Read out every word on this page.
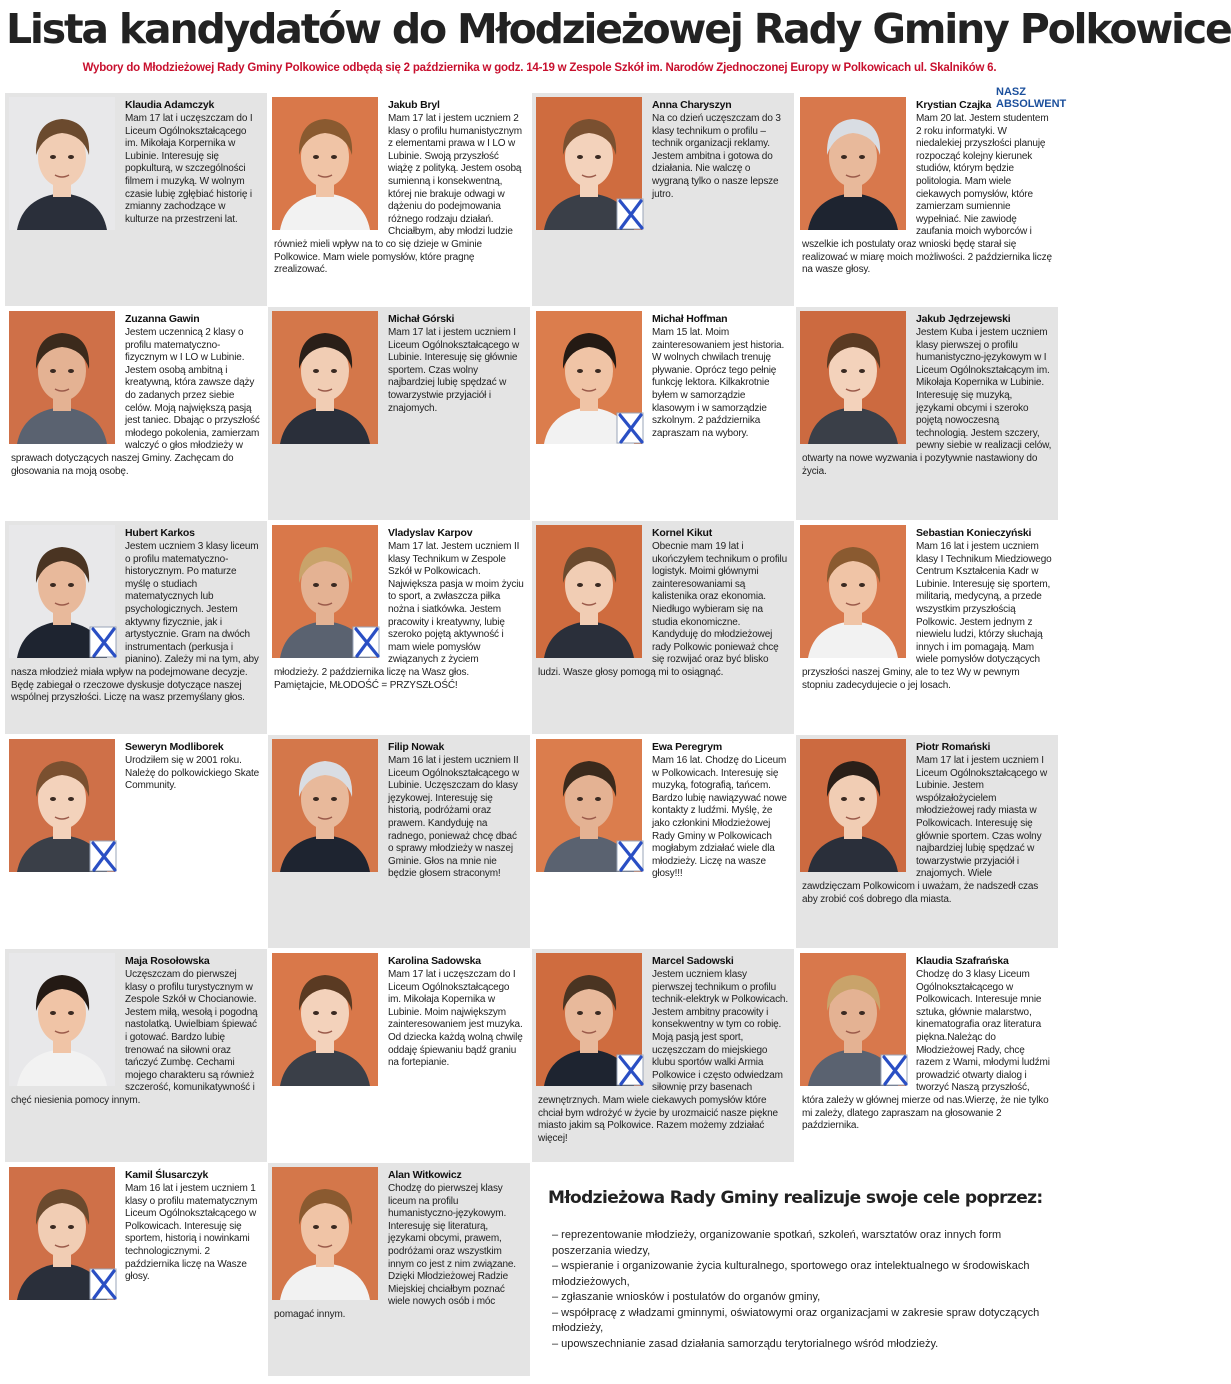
Lista kandydatów do Młodzieżowej Rady Gminy Polkowice
Wybory do Młodzieżowej Rady Gminy Polkowice odbędą się 2 października w godz. 14-19 w Zespole Szkół im. Narodów Zjednoczonej Europy w Polkowicach ul. Skalników 6.
Klaudia Adamczyk
Mam 17 lat i uczęszczam do I Liceum Ogólnokształcącego im. Mikołaja Korpernika w Lubinie. Interesuję się popkulturą, w szczególności filmem i muzyką. W wolnym czasie lubię zgłębiać historię i zmianny zachodzące w kulturze na przestrzeni lat.
Jakub Bryl
Mam 17 lat i jestem uczniem 2 klasy o profilu humanistycznym z elementami prawa w I LO w Lubinie. Swoją przyszłość wiążę z polityką. Jestem osobą sumienną i konsekwentną, której nie brakuje odwagi w dążeniu do podejmowania różnego rodzaju działań. Chciałbym, aby młodzi ludzie również mieli wpływ na to co się dzieje w Gminie Polkowice. Mam wiele pomysłów, które pragnę zrealizować.
Anna Charyszyn
Na co dzień uczęszczam do 3 klasy technikum o profilu – technik organizacji reklamy. Jestem ambitna i gotowa do działania. Nie walczę o wygraną tylko o nasze lepsze jutro.
Krystian Czajka
Mam 20 lat. Jestem studentem 2 roku informatyki. W niedalekiej przyszłości planuję rozpocząć kolejny kierunek studiów, którym będzie politologia. Mam wiele ciekawych pomysłów, które zamierzam sumiennie wypełniać. Nie zawiodę zaufania moich wyborców i wszelkie ich postulaty oraz wnioski będę starał się realizować w miarę moich możliwości. 2 października liczę na wasze głosy.
Zuzanna Gawin
Jestem uczennicą 2 klasy o profilu matematyczno-fizycznym w I LO w Lubinie. Jestem osobą ambitną i kreatywną, która zawsze dąży do zadanych przez siebie celów. Moją największą pasją jest taniec. Dbając o przyszłość młodego pokolenia, zamierzam walczyć o głos młodzieży w sprawach dotyczących naszej Gminy. Zachęcam do głosowania na moją osobę.
Michał Górski
Mam 17 lat i jestem uczniem I Liceum Ogólnokształcącego w Lubinie. Interesuję się głównie sportem. Czas wolny najbardziej lubię spędzać w towarzystwie przyjaciół i znajomych.
Michał Hoffman
Mam 15 lat. Moim zainteresowaniem jest historia. W wolnych chwilach trenuję pływanie. Oprócz tego pełnię funkcję lektora. Kilkakrotnie byłem w samorządzie klasowym i w samorządzie szkolnym. 2 października zapraszam na wybory.
Jakub Jędrzejewski
Jestem Kuba i jestem uczniem klasy pierwszej o profilu humanistyczno-językowym w I Liceum Ogólnokształcącym im. Mikołaja Kopernika w Lubinie. Interesuję się muzyką, językami obcymi i szeroko pojętą nowoczesną technologią. Jestem szczery, pewny siebie w realizacji celów, otwarty na nowe wyzwania i pozytywnie nastawiony do życia.
Hubert Karkos
Jestem uczniem 3 klasy liceum o profilu matematyczno-historycznym. Po maturze myślę o studiach matematycznych lub psychologicznych. Jestem aktywny fizycznie, jak i artystycznie. Gram na dwóch instrumentach (perkusja i pianino). Zależy mi na tym, aby nasza młodzież miała wpływ na podejmowane decyzje. Będę zabiegał o rzeczowe dyskusje dotyczące naszej wspólnej przyszłości. Liczę na wasz przemyślany głos.
Vladyslav Karpov
Mam 17 lat. Jestem uczniem II klasy Technikum w Zespole Szkół w Polkowicach. Największa pasja w moim życiu to sport, a zwłaszcza piłka nożna i siatkówka. Jestem pracowity i kreatywny, lubię szeroko pojętą aktywność i mam wiele pomysłów związanych z życiem młodzieży. 2 października liczę na Wasz głos. Pamiętajcie, MŁODOŚĆ = PRZYSZŁOŚĆ!
Kornel Kikut
Obecnie mam 19 lat i ukończyłem technikum o profilu logistyk. Moimi głównymi zainteresowaniami są kalistenika oraz ekonomia. Niedługo wybieram się na studia ekonomiczne. Kandyduję do młodzieżowej rady Polkowic ponieważ chcę się rozwijać oraz być blisko ludzi. Wasze głosy pomogą mi to osiągnąć.
Sebastian Konieczyński
Mam 16 lat i jestem uczniem klasy I Technikum Miedziowego Centrum Kształcenia Kadr w Lubinie. Interesuję się sportem, militarią, medycyną, a przede wszystkim przyszłością Polkowic. Jestem jednym z niewielu ludzi, którzy słuchają innych i im pomagają. Mam wiele pomysłów dotyczących przyszłości naszej Gminy, ale to tez Wy w pewnym stopniu zadecydujecie o jej losach.
Seweryn Modliborek
Urodziłem się w 2001 roku. Należę do polkowickiego Skate Community.
Filip Nowak
Mam 16 lat i jestem uczniem II Liceum Ogólnokształcącego w Lubinie. Uczęszczam do klasy językowej. Interesuję się historią, podróżami oraz prawem. Kandyduję na radnego, ponieważ chcę dbać o sprawy młodzieży w naszej Gminie. Głos na mnie nie będzie głosem straconym!
Ewa Peregrym
Mam 16 lat. Chodzę do Liceum w Polkowicach. Interesuję się muzyką, fotografią, tańcem. Bardzo lubię nawiązywać nowe kontakty z ludźmi. Myślę, że jako członkini Młodzieżowej Rady Gminy w Polkowicach mogłabym zdziałać wiele dla młodzieży. Liczę na wasze głosy!!!
Piotr Romański
Mam 17 lat i jestem uczniem I Liceum Ogólnokształcącego w Lubinie. Jestem współzałożycielem młodzieżowej rady miasta w Polkowicach. Interesuję się głównie sportem. Czas wolny najbardziej lubię spędzać w towarzystwie przyjaciół i znajomych. Wiele zawdzięczam Polkowicom i uważam, że nadszedł czas aby zrobić coś dobrego dla miasta.
Maja Rosołowska
Uczęszczam do pierwszej klasy o profilu turystycznym w Zespole Szkół w Chocianowie. Jestem miłą, wesołą i pogodną nastolatką. Uwielbiam śpiewać i gotować. Bardzo lubię trenować na siłowni oraz tańczyć Zumbę. Cechami mojego charakteru są również szczerość, komunikatywność i chęć niesienia pomocy innym.
Karolina Sadowska
Mam 17 lat i uczęszczam do I Liceum Ogólnokształcącego im. Mikołaja Kopernika w Lubinie. Moim największym zainteresowaniem jest muzyka. Od dziecka każdą wolną chwilę oddaję śpiewaniu bądź graniu na fortepianie.
Marcel Sadowski
Jestem uczniem klasy pierwszej technikum o profilu technik-elektryk w Polkowicach. Jestem ambitny pracowity i konsekwentny w tym co robię. Moją pasją jest sport, uczęszczam do miejskiego klubu sportów walki Armia Polkowice i często odwiedzam siłownię przy basenach zewnętrznych. Mam wiele ciekawych pomysłów które chciał bym wdrożyć w życie by urozmaicić nasze piękne miasto jakim są Polkowice. Razem możemy zdziałać więcej!
Klaudia Szafrańska
Chodzę do 3 klasy Liceum Ogólnokształcącego w Polkowicach. Interesuje mnie sztuka, głównie malarstwo, kinematografia oraz literatura piękna.Należąc do Młodzieżowej Rady, chcę razem z Wami, młodymi ludźmi prowadzić otwarty dialog i tworzyć Naszą przyszłość, która zależy w głównej mierze od nas.Wierzę, że nie tylko mi zależy, dlatego zapraszam na głosowanie 2 października.
Kamil Ślusarczyk
Mam 16 lat i jestem uczniem 1 klasy o profilu matematycznym Liceum Ogólnokształcącego w Polkowicach. Interesuję się sportem, historią i nowinkami technologicznymi. 2 października liczę na Wasze głosy.
Alan Witkowicz
Chodzę do pierwszej klasy liceum na profilu humanistyczno-językowym. Interesuję się literaturą, językami obcymi, prawem, podróżami oraz wszystkim innym co jest z nim związane. Dzięki Młodzieżowej Radzie Miejskiej chciałbym poznać wiele nowych osób i móc pomagać innym.
NASZ
ABSOLWENT
Młodzieżowa Rady Gminy realizuje swoje cele poprzez:
– reprezentowanie młodzieży, organizowanie spotkań, szkoleń, warsztatów oraz innych form poszerzania wiedzy,
– wspieranie i organizowanie życia kulturalnego, sportowego oraz intelektualnego w środowiskach młodzieżowych,
– zgłaszanie wniosków i postulatów do organów gminy,
– współpracę z władzami gminnymi, oświatowymi oraz organizacjami w zakresie spraw dotyczących młodzieży,
– upowszechnianie zasad działania samorządu terytorialnego wśród młodzieży.
